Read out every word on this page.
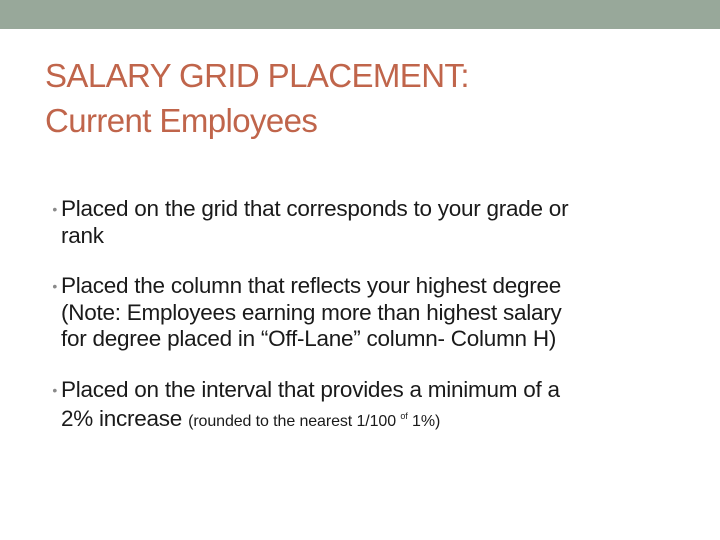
SALARY GRID PLACEMENT:
Current Employees
• Placed on the grid that corresponds to your grade or
rank
• Placed the column that reflects your highest degree
(Note: Employees earning more than highest salary
for degree placed in “Off-Lane” column- Column H)
• Placed on the interval that provides a minimum of a
2% increase (rounded to the nearest 1/100 $^{of}$ 1%)
